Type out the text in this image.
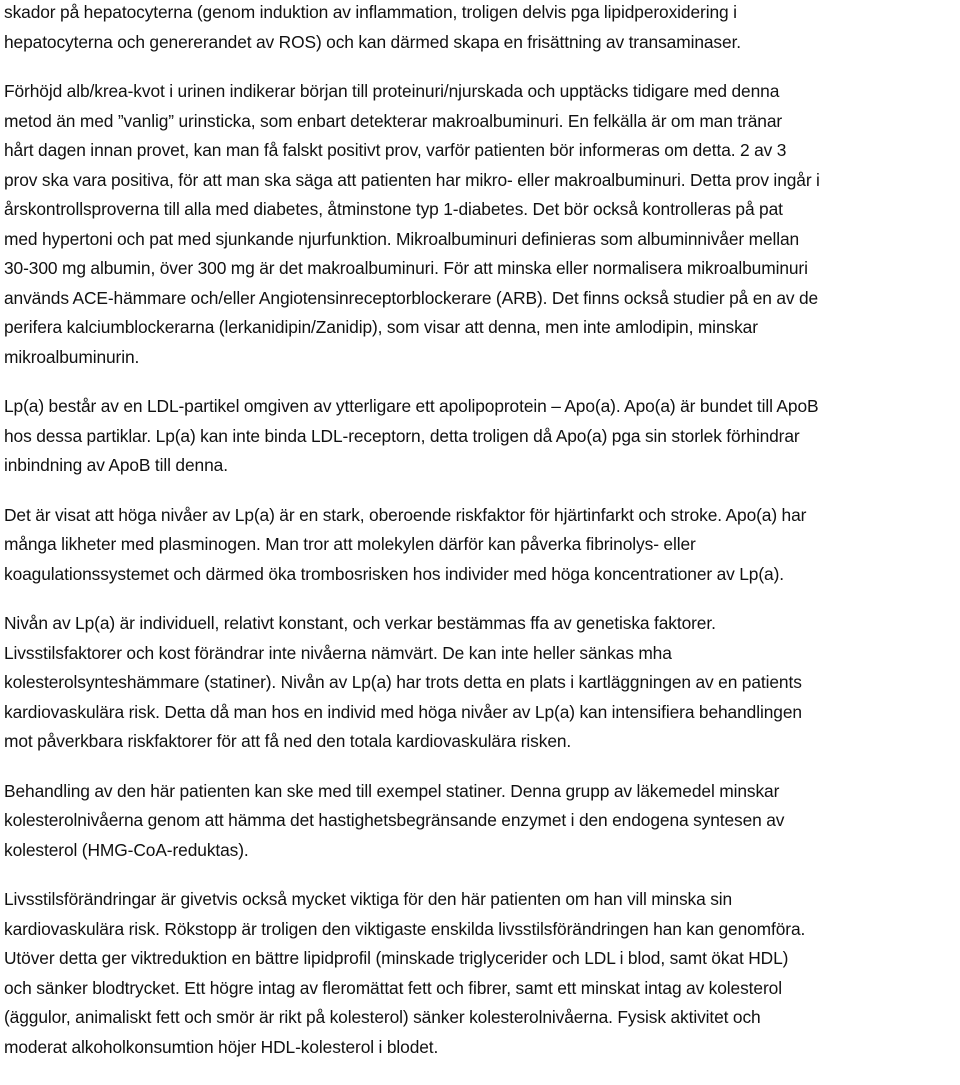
skador på hepatocyterna (genom induktion av inflammation, troligen delvis pga lipidperoxidering i
hepatocyterna och genererandet av ROS) och kan därmed skapa en frisättning av transaminaser.

Förhöjd alb/krea-kvot i urinen indikerar början till proteinuri/njurskada och upptäcks tidigare med denna
metod än med ”vanlig” urinsticka, som enbart detekterar makroalbuminuri. En felkälla är om man tränar
hårt dagen innan provet, kan man få falskt positivt prov, varför patienten bör informeras om detta. 2 av 3
prov ska vara positiva, för att man ska säga att patienten har mikro- eller makroalbuminuri. Detta prov ingår i
årskontrollsproverna till alla med diabetes, åtminstone typ 1-diabetes. Det bör också kontrolleras på pat
med hypertoni och pat med sjunkande njurfunktion. Mikroalbuminuri definieras som albuminnivåer mellan
30-300 mg albumin, över 300 mg är det makroalbuminuri. För att minska eller normalisera mikroalbuminuri
används ACE-hämmare och/eller Angiotensinreceptorblockerare (ARB). Det finns också studier på en av de
perifera kalciumblockerarna (lerkanidipin/Zanidip), som visar att denna, men inte amlodipin, minskar
mikroalbuminurin.

Lp(a) består av en LDL-partikel omgiven av ytterligare ett apolipoprotein – Apo(a). Apo(a) är bundet till ApoB
hos dessa partiklar. Lp(a) kan inte binda LDL-receptorn, detta troligen då Apo(a) pga sin storlek förhindrar
inbindning av ApoB till denna.

Det är visat att höga nivåer av Lp(a) är en stark, oberoende riskfaktor för hjärtinfarkt och stroke. Apo(a) har
många likheter med plasminogen. Man tror att molekylen därför kan påverka fibrinolys- eller
koagulationssystemet och därmed öka trombosrisken hos individer med höga koncentrationer av Lp(a).

Nivån av Lp(a) är individuell, relativt konstant, och verkar bestämmas ffa av genetiska faktorer.
Livsstilsfaktorer och kost förändrar inte nivåerna nämvärt. De kan inte heller sänkas mha
kolesterolsynteshämmare (statiner). Nivån av Lp(a) har trots detta en plats i kartläggningen av en patients
kardiovaskulära risk. Detta då man hos en individ med höga nivåer av Lp(a) kan intensifiera behandlingen
mot påverkbara riskfaktorer för att få ned den totala kardiovaskulära risken.

Behandling av den här patienten kan ske med till exempel statiner. Denna grupp av läkemedel minskar
kolesterolnivåerna genom att hämma det hastighetsbegränsande enzymet i den endogena syntesen av
kolesterol (HMG-CoA-reduktas).

Livsstilsförändringar är givetvis också mycket viktiga för den här patienten om han vill minska sin
kardiovaskulära risk. Rökstopp är troligen den viktigaste enskilda livsstilsförändringen han kan genomföra.
Utöver detta ger viktreduktion en bättre lipidprofil (minskade triglycerider och LDL i blod, samt ökat HDL)
och sänker blodtrycket. Ett högre intag av fleromättat fett och fibrer, samt ett minskat intag av kolesterol
(äggulor, animaliskt fett och smör är rikt på kolesterol) sänker kolesterolnivåerna. Fysisk aktivitet och
moderat alkoholkonsumtion höjer HDL-kolesterol i blodet.
